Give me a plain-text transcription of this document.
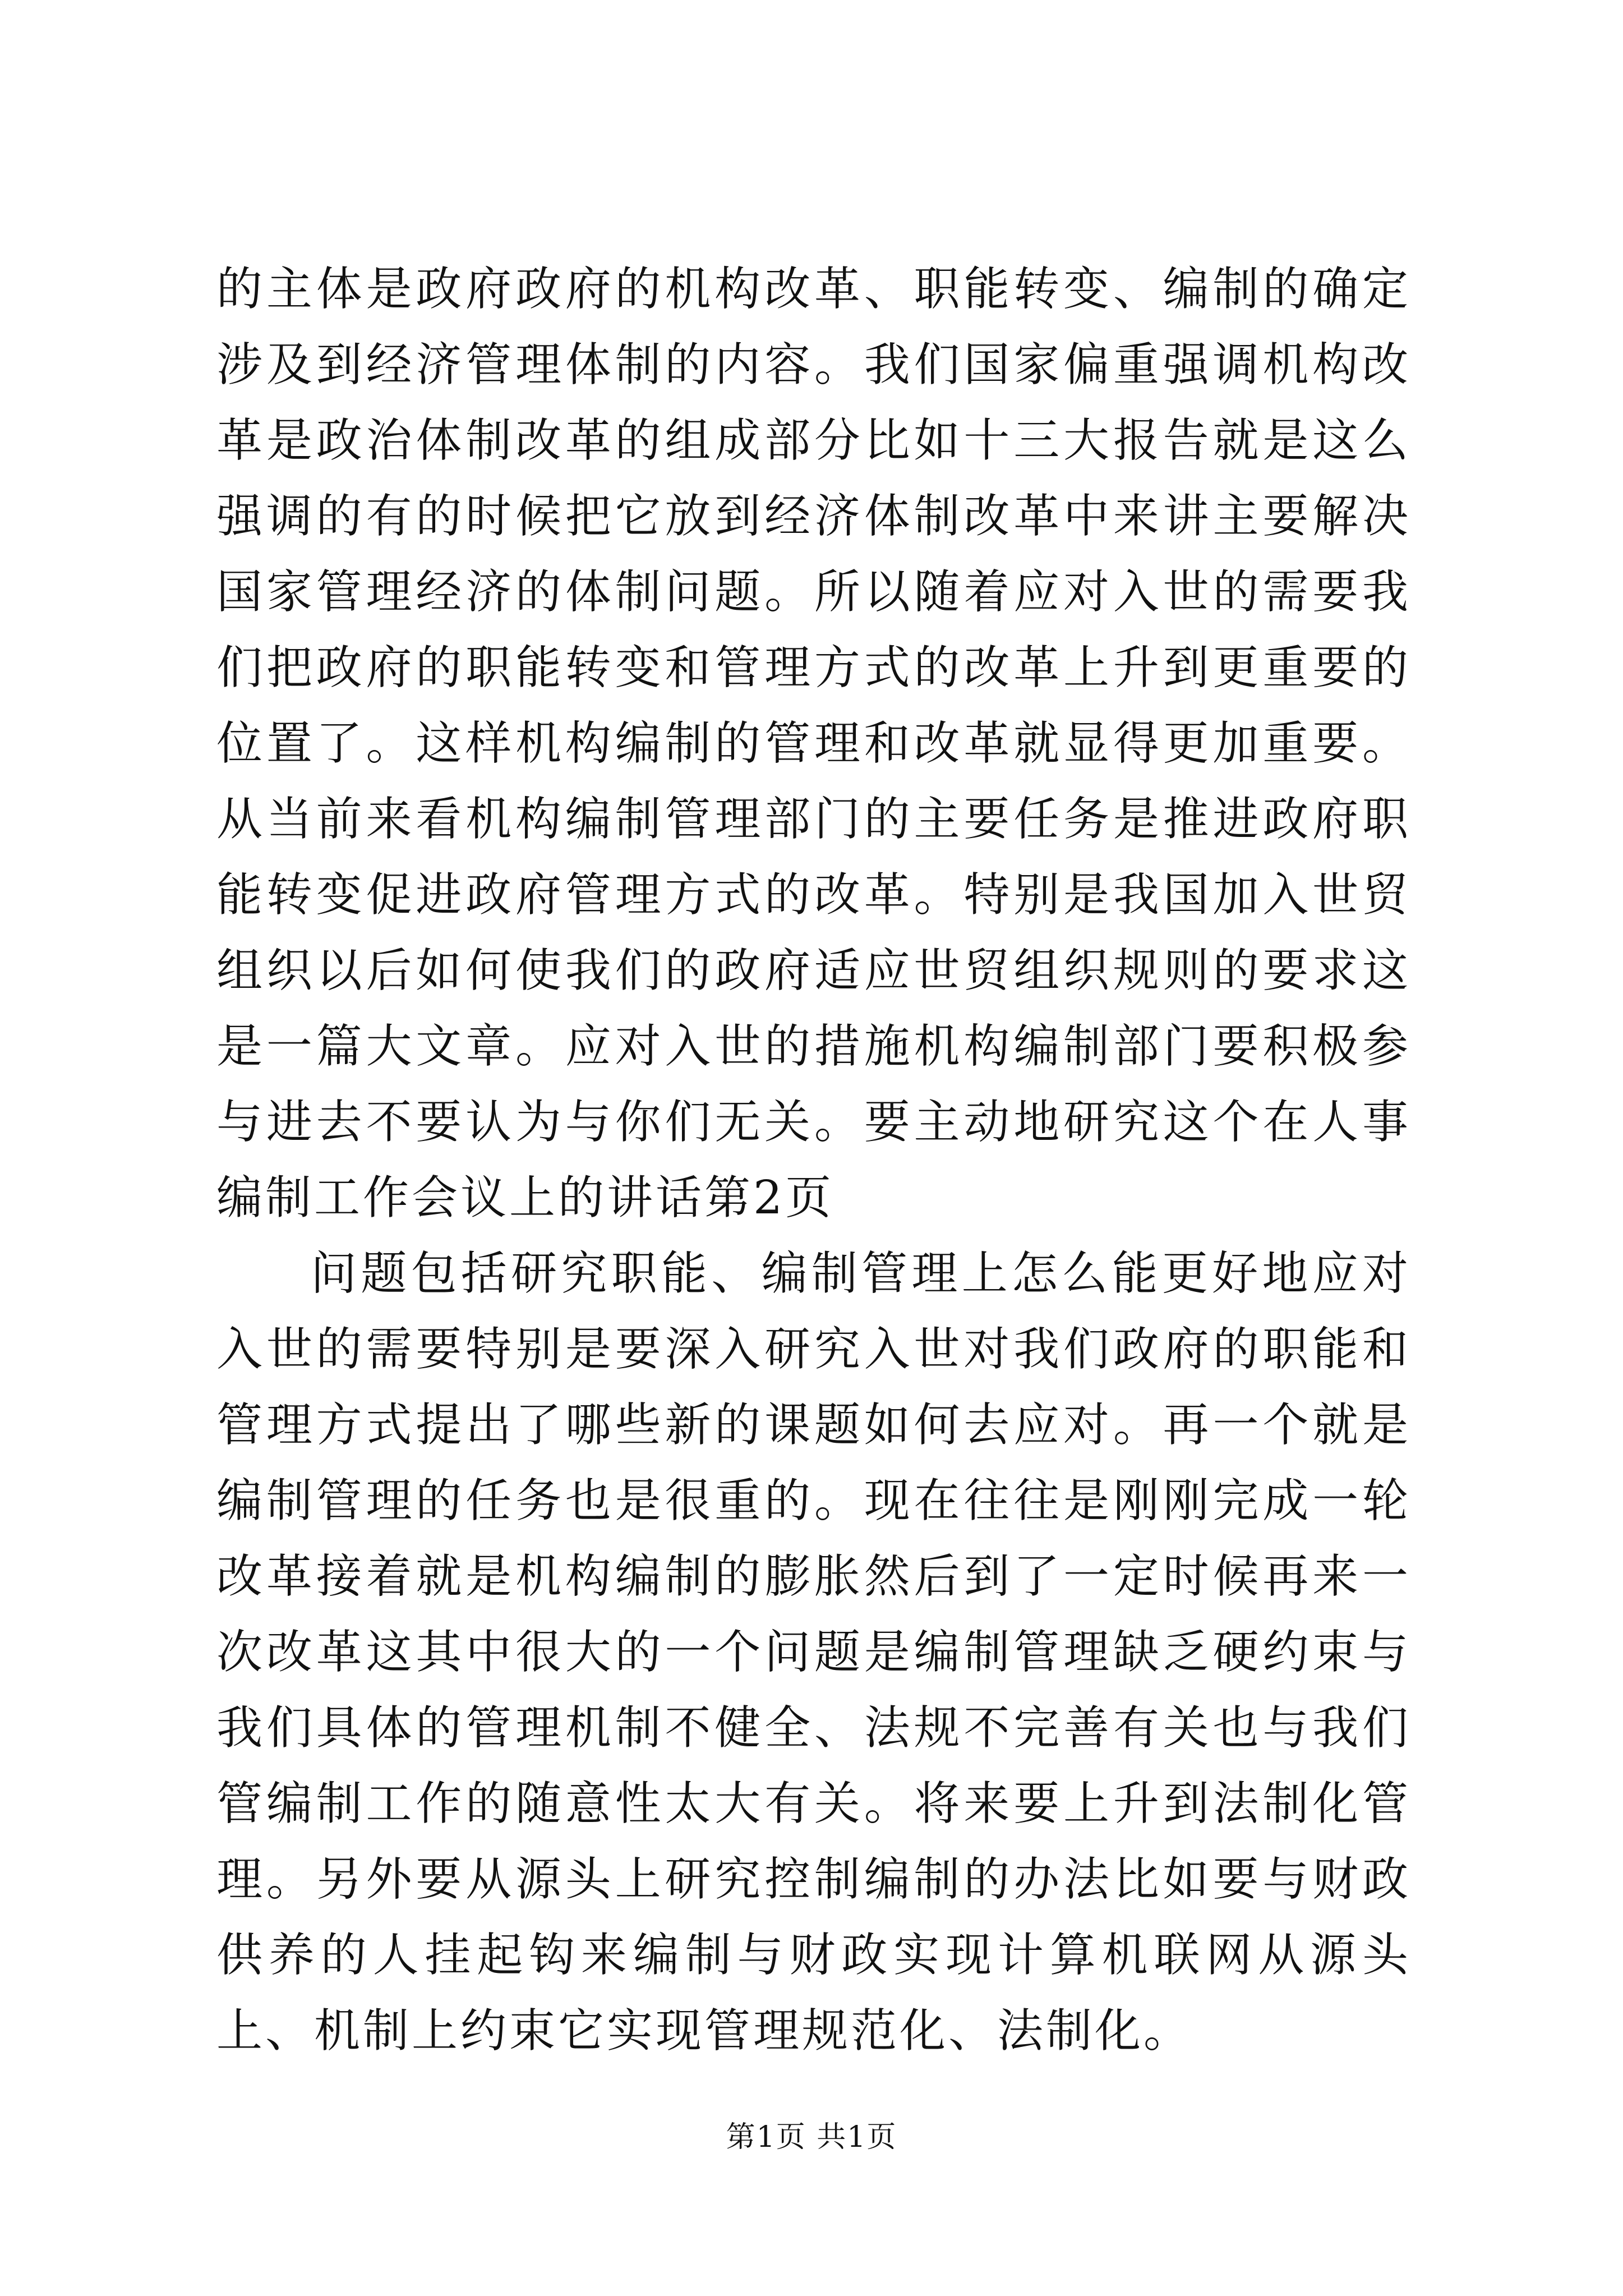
的主体是政府政府的机构改革、职能转变、编制的确定涉及到经济管理体制的内容。我们国家偏重强调机构改革是政治体制改革的组成部分比如十三大报告就是这么强调的有的时候把它放到经济体制改革中来讲主要解决国家管理经济的体制问题。所以随着应对入世的需要我们把政府的职能转变和管理方式的改革上升到更重要的位置了。这样机构编制的管理和改革就显得更加重要。从当前来看机构编制管理部门的主要任务是推进政府职能转变促进政府管理方式的改革。特别是我国加入世贸组织以后如何使我们的政府适应世贸组织规则的要求这是一篇大文章。应对入世的措施机构编制部门要积极参与进去不要认为与你们无关。要主动地研究这个在人事编制工作会议上的讲话第2页

问题包括研究职能、编制管理上怎么能更好地应对入世的需要特别是要深入研究入世对我们政府的职能和管理方式提出了哪些新的课题如何去应对。再一个就是编制管理的任务也是很重的。现在往往是刚刚完成一轮改革接着就是机构编制的膨胀然后到了一定时候再来一次改革这其中很大的一个问题是编制管理缺乏硬约束与我们具体的管理机制不健全、法规不完善有关也与我们管编制工作的随意性太大有关。将来要上升到法制化管理。另外要从源头上研究控制编制的办法比如要与财政供养的人挂起钩来编制与财政实现计算机联网从源头上、机制上约束它实现管理规范化、法制化。

第1页 共1页
